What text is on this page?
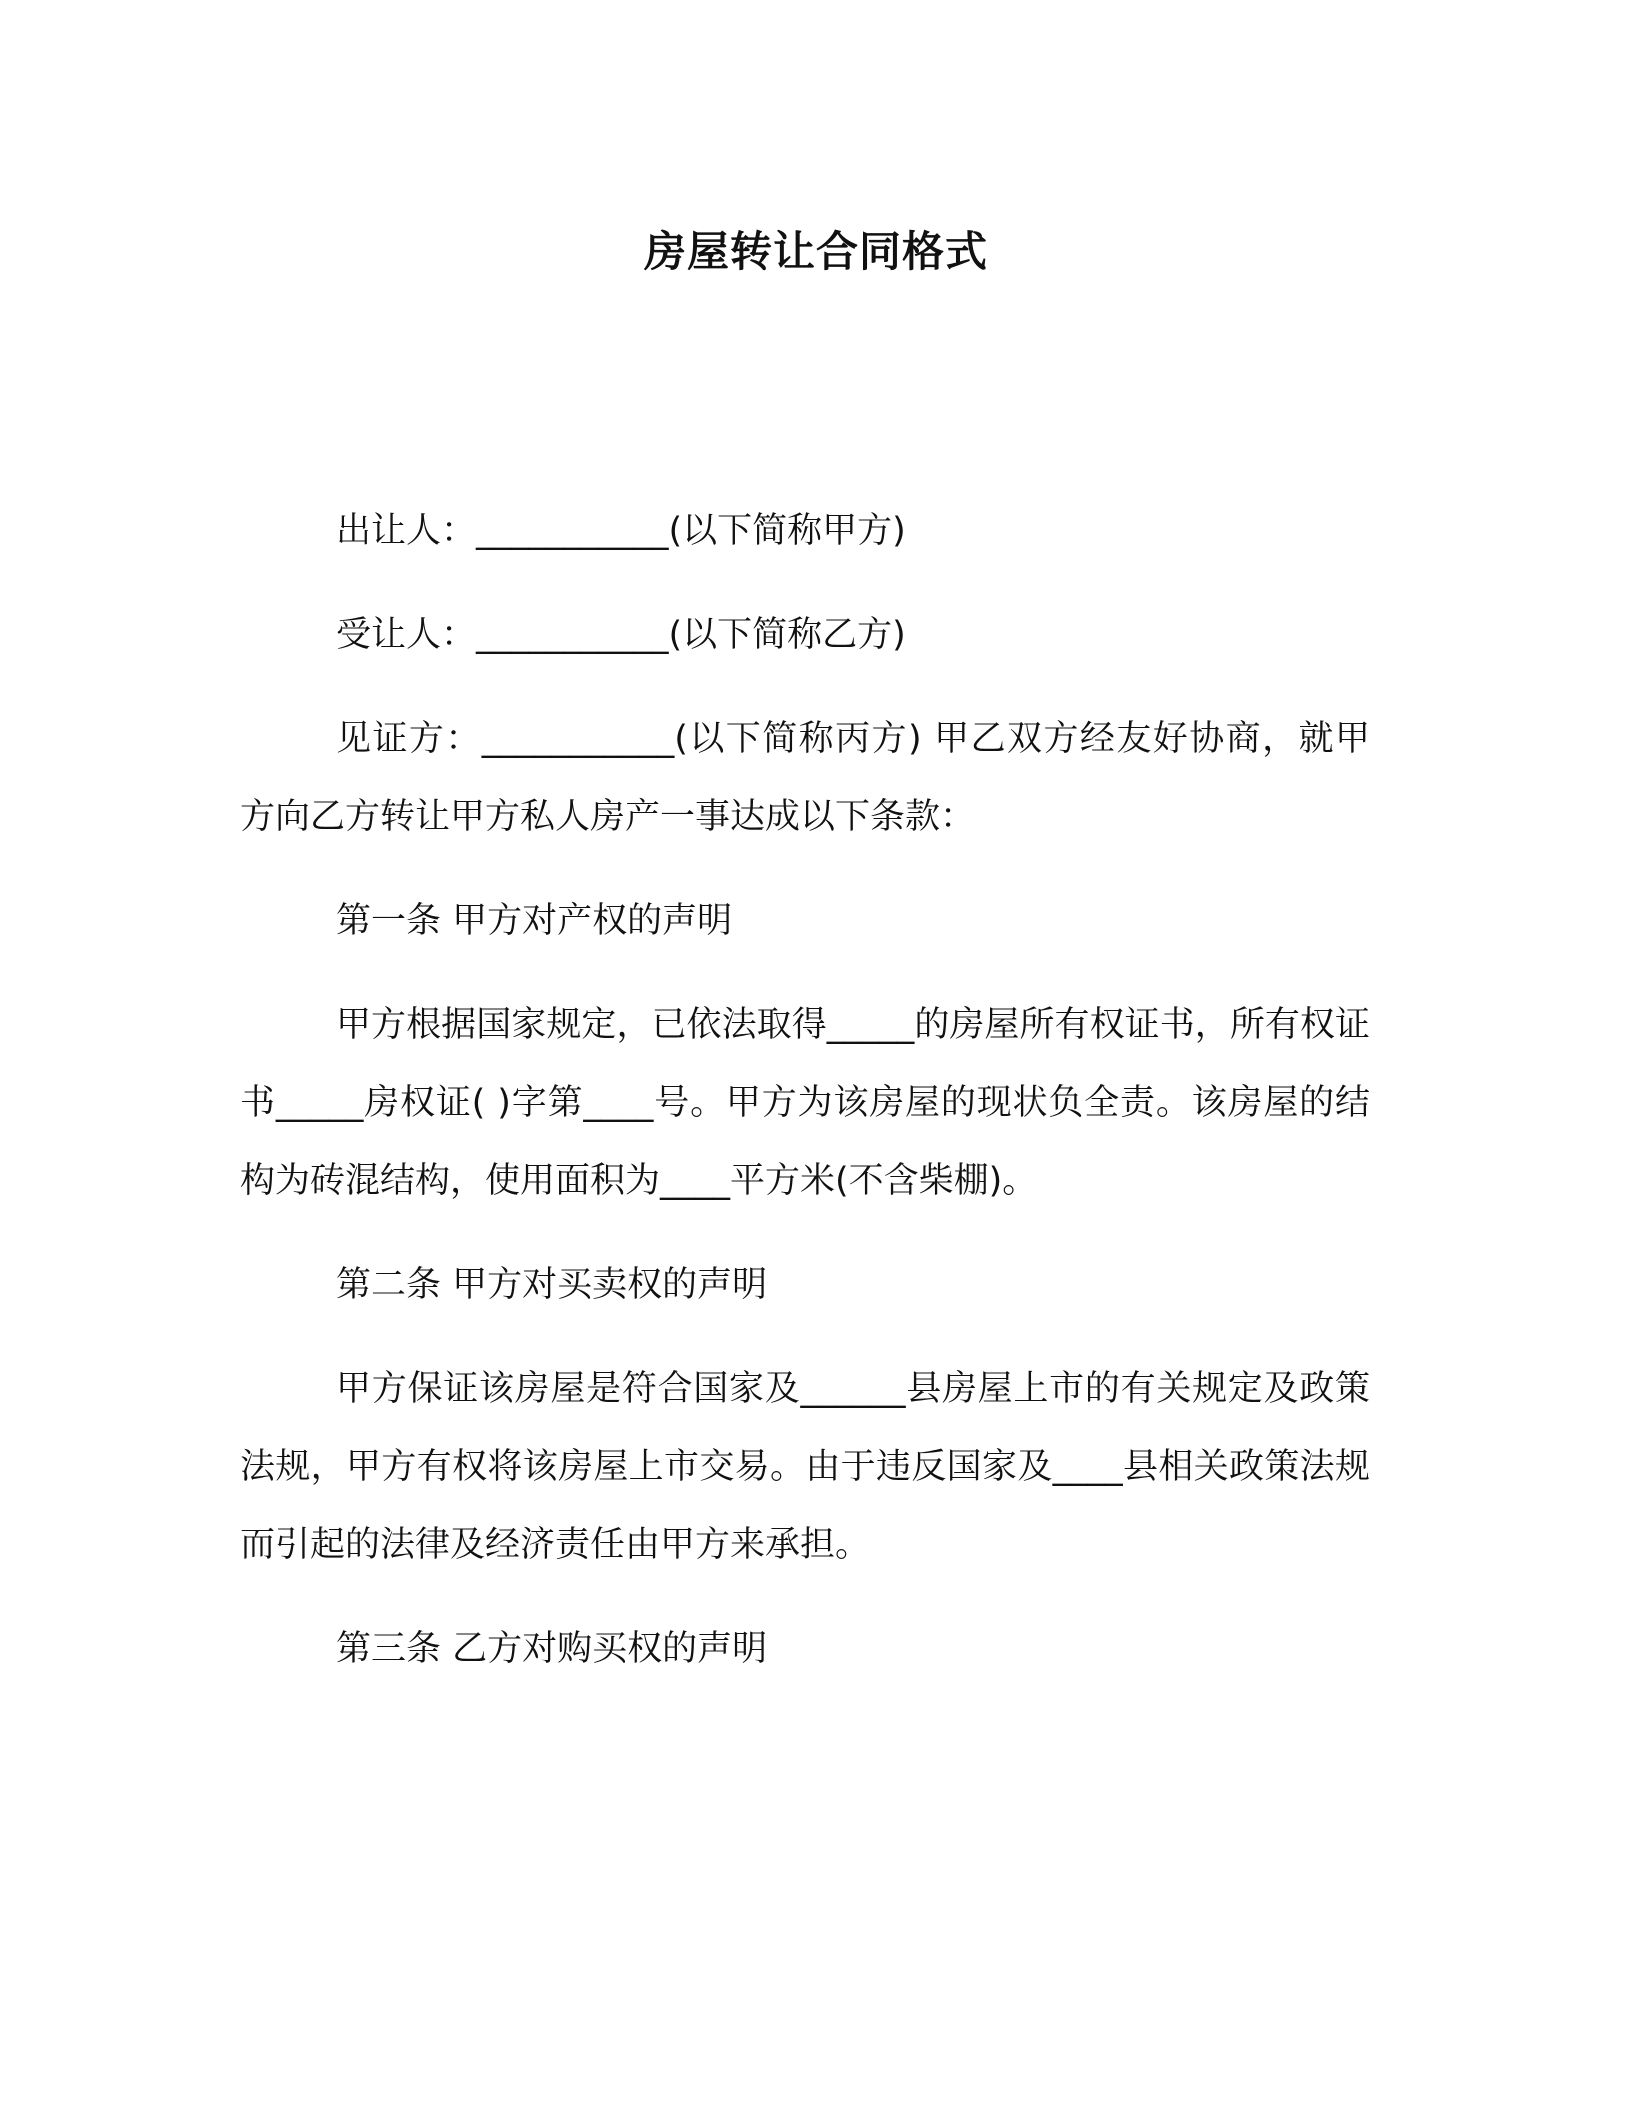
房屋转让合同格式

出让人：___________(以下简称甲方)

受让人：___________(以下简称乙方)

见证方：___________(以下简称丙方) 甲乙双方经友好协商，就甲方向乙方转让甲方私人房产一事达成以下条款：

第一条 甲方对产权的声明

甲方根据国家规定，已依法取得_____的房屋所有权证书，所有权证书_____房权证( )字第____号。甲方为该房屋的现状负全责。该房屋的结构为砖混结构，使用面积为____平方米(不含柴棚)。

第二条 甲方对买卖权的声明

甲方保证该房屋是符合国家及______县房屋上市的有关规定及政策法规，甲方有权将该房屋上市交易。由于违反国家及____县相关政策法规而引起的法律及经济责任由甲方来承担。

第三条 乙方对购买权的声明
